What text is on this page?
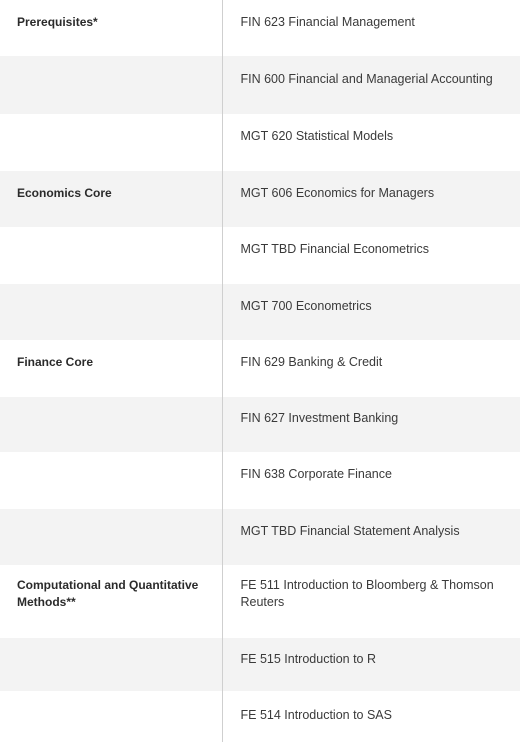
Prerequisites*	FIN 623 Financial Management

	FIN 600 Financial and Managerial Accounting

	MGT 620 Statistical Models

Economics Core	MGT 606 Economics for Managers

	MGT TBD Financial Econometrics

	MGT 700 Econometrics

Finance Core	FIN 629 Banking & Credit

	FIN 627 Investment Banking

	FIN 638 Corporate Finance

	MGT TBD Financial Statement Analysis

Computational and Quantitative Methods**	FE 511 Introduction to Bloomberg & Thomson Reuters

	FE 515 Introduction to R

	FE 514 Introduction to SAS
